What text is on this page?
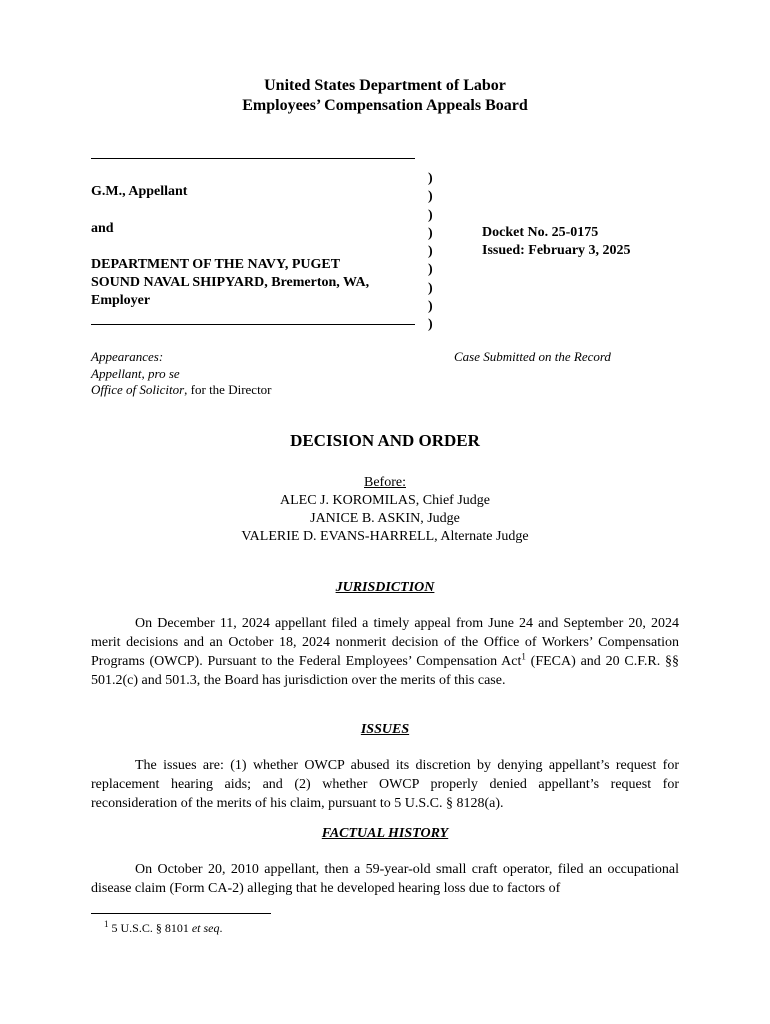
United States Department of Labor
Employees’ Compensation Appeals Board
G.M., Appellant
and
DEPARTMENT OF THE NAVY, PUGET
SOUND NAVAL SHIPYARD, Bremerton, WA,
Employer
)
)
)
)
)
)
)
)
)
Docket No. 25-0175
Issued: February 3, 2025
Appearances:
Appellant, pro se
Office of Solicitor, for the Director
Case Submitted on the Record
DECISION AND ORDER
Before:
ALEC J. KOROMILAS, Chief Judge
JANICE B. ASKIN, Judge
VALERIE D. EVANS-HARRELL, Alternate Judge
JURISDICTION
On December 11, 2024 appellant filed a timely appeal from June 24 and September 20, 2024 merit decisions and an October 18, 2024 nonmerit decision of the Office of Workers’ Compensation Programs (OWCP). Pursuant to the Federal Employees’ Compensation Act$^1$ (FECA) and 20 C.F.R. §§ 501.2(c) and 501.3, the Board has jurisdiction over the merits of this case.
ISSUES
The issues are: (1) whether OWCP abused its discretion by denying appellant’s request for replacement hearing aids; and (2) whether OWCP properly denied appellant’s request for reconsideration of the merits of his claim, pursuant to 5 U.S.C. § 8128(a).
FACTUAL HISTORY
On October 20, 2010 appellant, then a 59-year-old small craft operator, filed an occupational disease claim (Form CA-2) alleging that he developed hearing loss due to factors of
$^1$ 5 U.S.C. § 8101 et seq.
